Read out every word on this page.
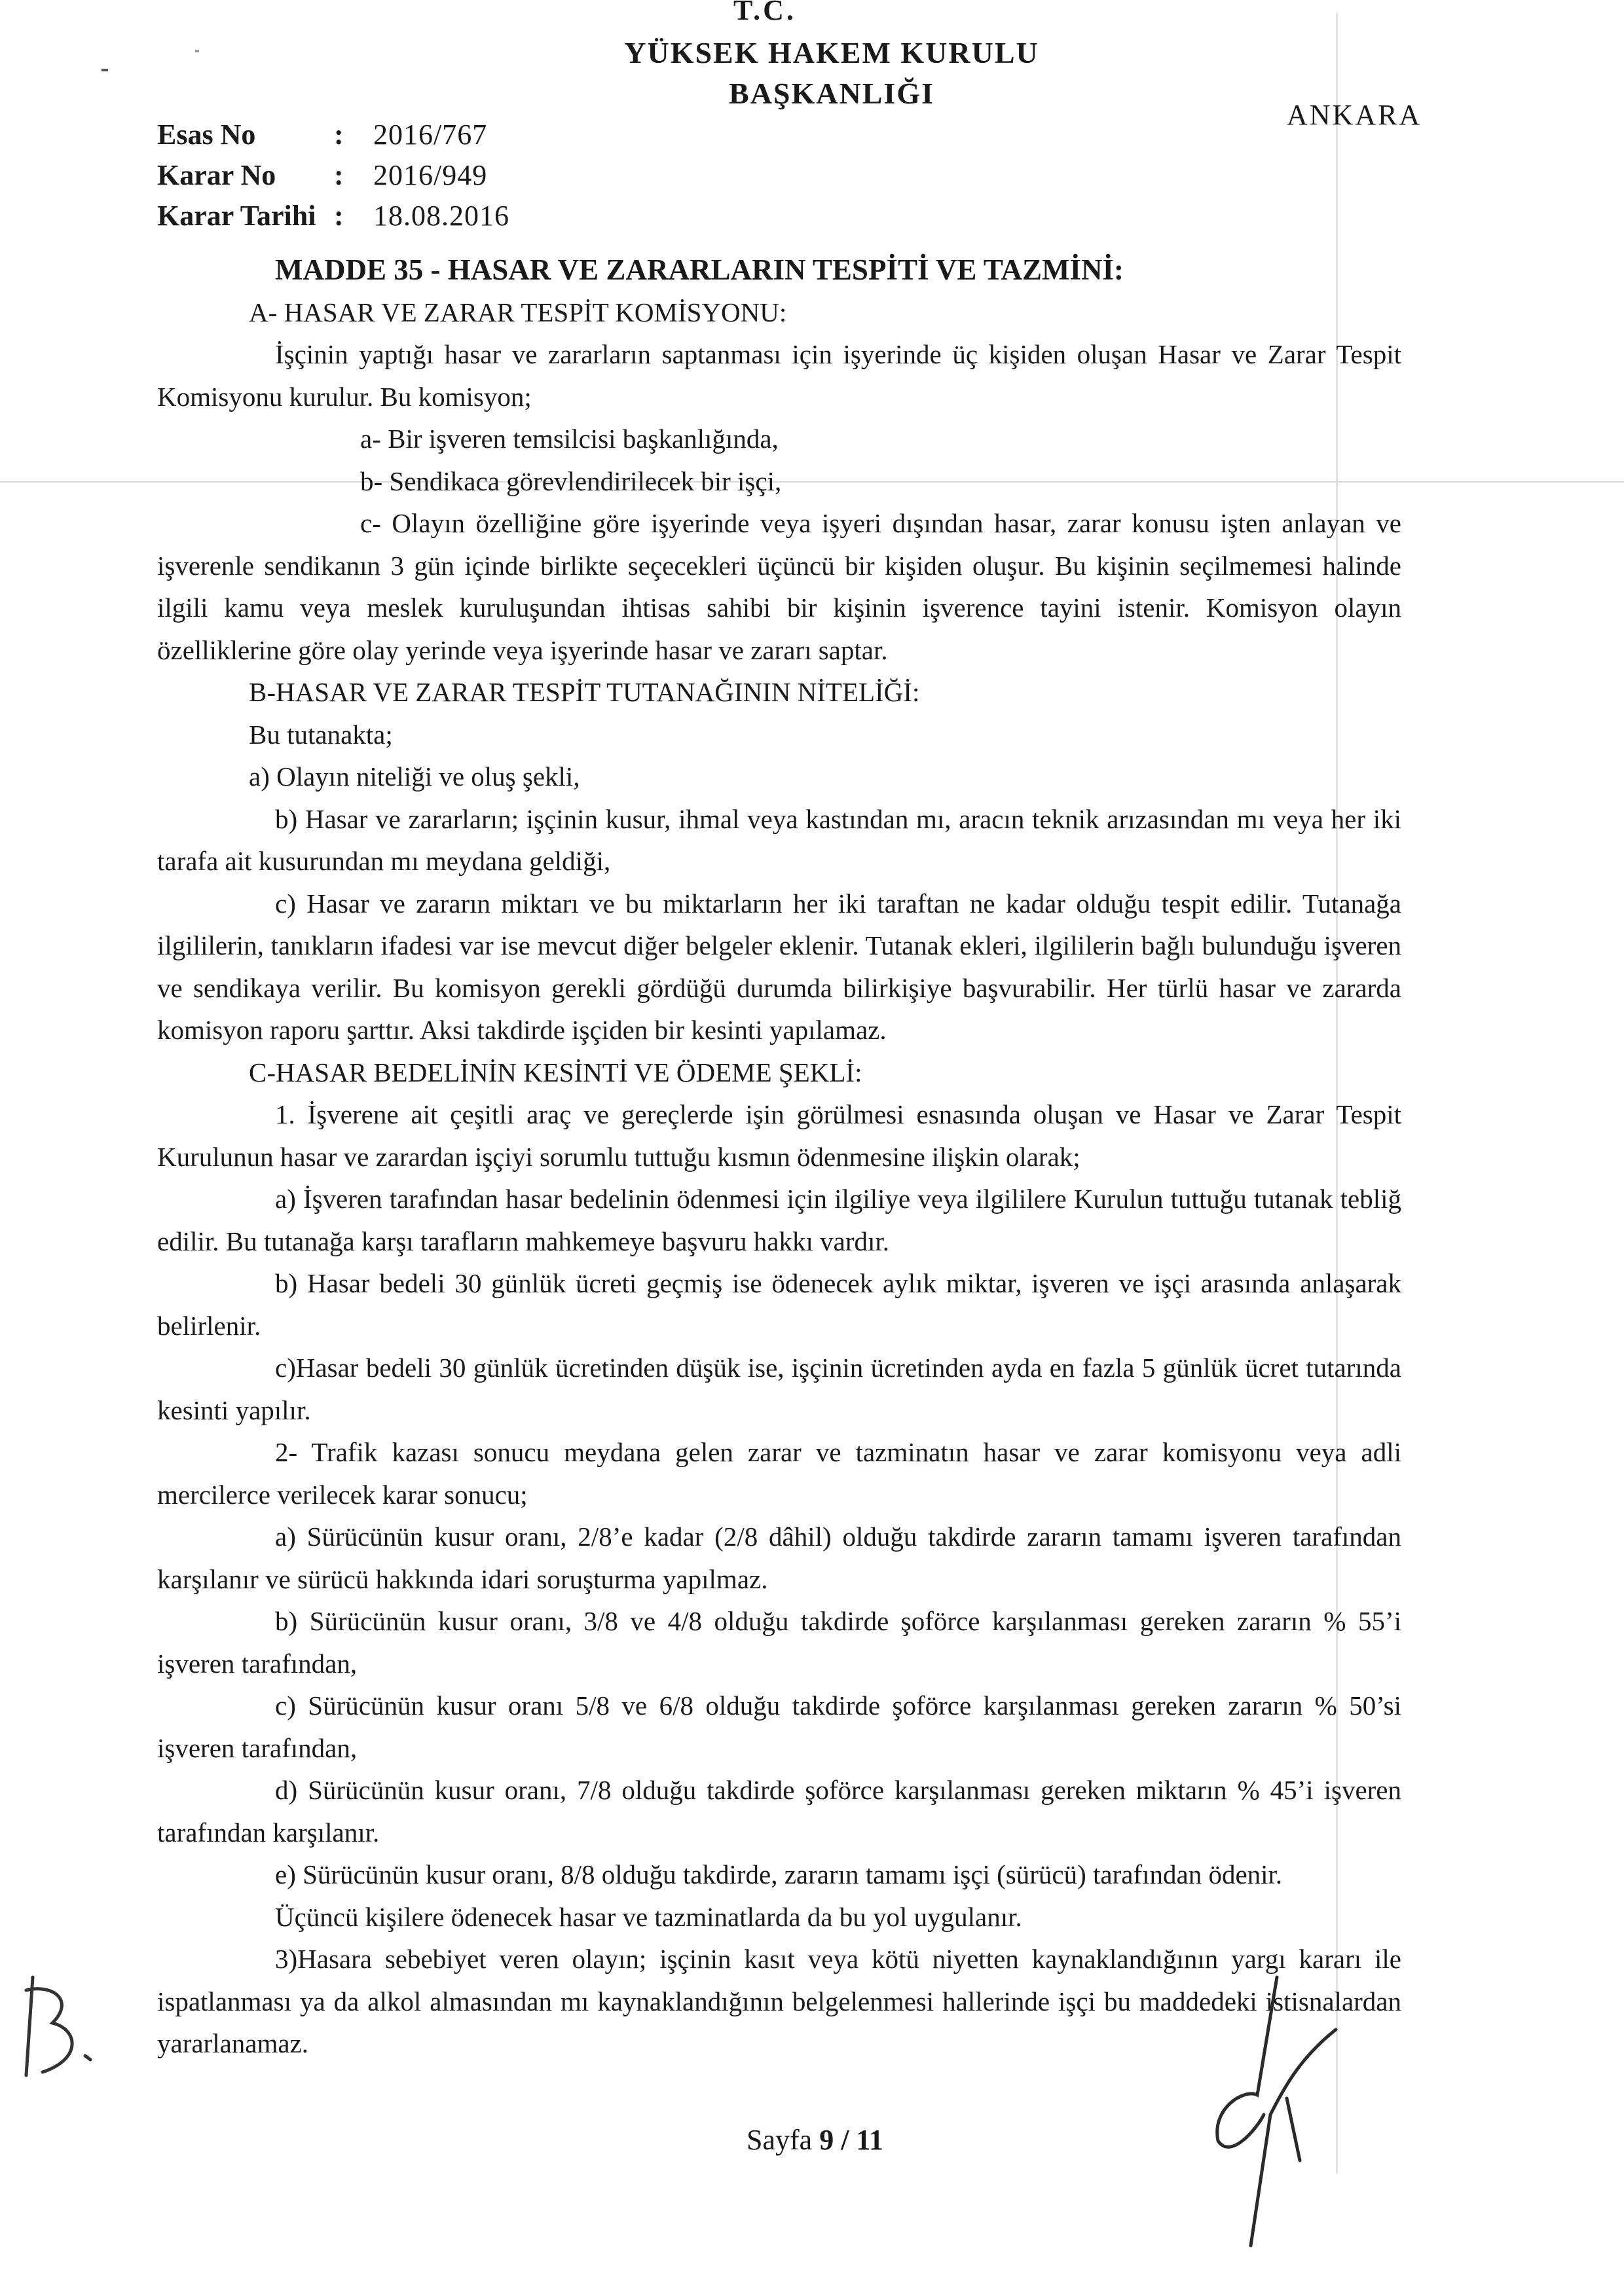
T.C.
YÜKSEK HAKEM KURULU
BAŞKANLIĞI
ANKARA
Esas No	:	2016/767
Karar No	:	2016/949
Karar Tarihi :	18.08.2016

MADDE 35 - HASAR VE ZARARLARIN TESPİTİ VE TAZMİNİ:

A- HASAR VE ZARAR TESPİT KOMİSYONU:

İşçinin yaptığı hasar ve zararların saptanması için işyerinde üç kişiden oluşan Hasar ve Zarar Tespit Komisyonu kurulur. Bu komisyon;

a- Bir işveren temsilcisi başkanlığında,

b- Sendikaca görevlendirilecek bir işçi,

c- Olayın özelliğine göre işyerinde veya işyeri dışından hasar, zarar konusu işten anlayan ve işverenle sendikanın 3 gün içinde birlikte seçecekleri üçüncü bir kişiden oluşur. Bu kişinin seçilmemesi halinde ilgili kamu veya meslek kuruluşundan ihtisas sahibi bir kişinin işverence tayini istenir. Komisyon olayın özelliklerine göre olay yerinde veya işyerinde hasar ve zararı saptar.

B-HASAR VE ZARAR TESPİT TUTANAĞININ NİTELİĞİ:

Bu tutanakta;

a) Olayın niteliği ve oluş şekli,

b) Hasar ve zararların; işçinin kusur, ihmal veya kastından mı, aracın teknik arızasından mı veya her iki tarafa ait kusurundan mı meydana geldiği,

c) Hasar ve zararın miktarı ve bu miktarların her iki taraftan ne kadar olduğu tespit edilir. Tutanağa ilgililerin, tanıkların ifadesi var ise mevcut diğer belgeler eklenir. Tutanak ekleri, ilgililerin bağlı bulunduğu işveren ve sendikaya verilir. Bu komisyon gerekli gördüğü durumda bilirkişiye başvurabilir. Her türlü hasar ve zararda komisyon raporu şarttır. Aksi takdirde işçiden bir kesinti yapılamaz.

C-HASAR BEDELİNİN KESİNTİ VE ÖDEME ŞEKLİ:

1. İşverene ait çeşitli araç ve gereçlerde işin görülmesi esnasında oluşan ve Hasar ve Zarar Tespit Kurulunun hasar ve zarardan işçiyi sorumlu tuttuğu kısmın ödenmesine ilişkin olarak;

a) İşveren tarafından hasar bedelinin ödenmesi için ilgiliye veya ilgililere Kurulun tuttuğu tutanak tebliğ edilir. Bu tutanağa karşı tarafların mahkemeye başvuru hakkı vardır.

b) Hasar bedeli 30 günlük ücreti geçmiş ise ödenecek aylık miktar, işveren ve işçi arasında anlaşarak belirlenir.

c)Hasar bedeli 30 günlük ücretinden düşük ise, işçinin ücretinden ayda en fazla 5 günlük ücret tutarında kesinti yapılır.

2- Trafik kazası sonucu meydana gelen zarar ve tazminatın hasar ve zarar komisyonu veya adli mercilerce verilecek karar sonucu;

a) Sürücünün kusur oranı, 2/8’e kadar (2/8 dâhil) olduğu takdirde zararın tamamı işveren tarafından karşılanır ve sürücü hakkında idari soruşturma yapılmaz.

b) Sürücünün kusur oranı, 3/8 ve 4/8 olduğu takdirde şoförce karşılanması gereken zararın % 55’i işveren tarafından,

c) Sürücünün kusur oranı 5/8 ve 6/8 olduğu takdirde şoförce karşılanması gereken zararın % 50’si işveren tarafından,

d) Sürücünün kusur oranı, 7/8 olduğu takdirde şoförce karşılanması gereken miktarın % 45’i işveren tarafından karşılanır.

e) Sürücünün kusur oranı, 8/8 olduğu takdirde, zararın tamamı işçi (sürücü) tarafından ödenir.

Üçüncü kişilere ödenecek hasar ve tazminatlarda da bu yol uygulanır.

3)Hasara sebebiyet veren olayın; işçinin kasıt veya kötü niyetten kaynaklandığının yargı kararı ile ispatlanması ya da alkol almasından mı kaynaklandığının belgelenmesi hallerinde işçi bu maddedeki istisnalardan yararlanamaz.

Sayfa 9 / 11
